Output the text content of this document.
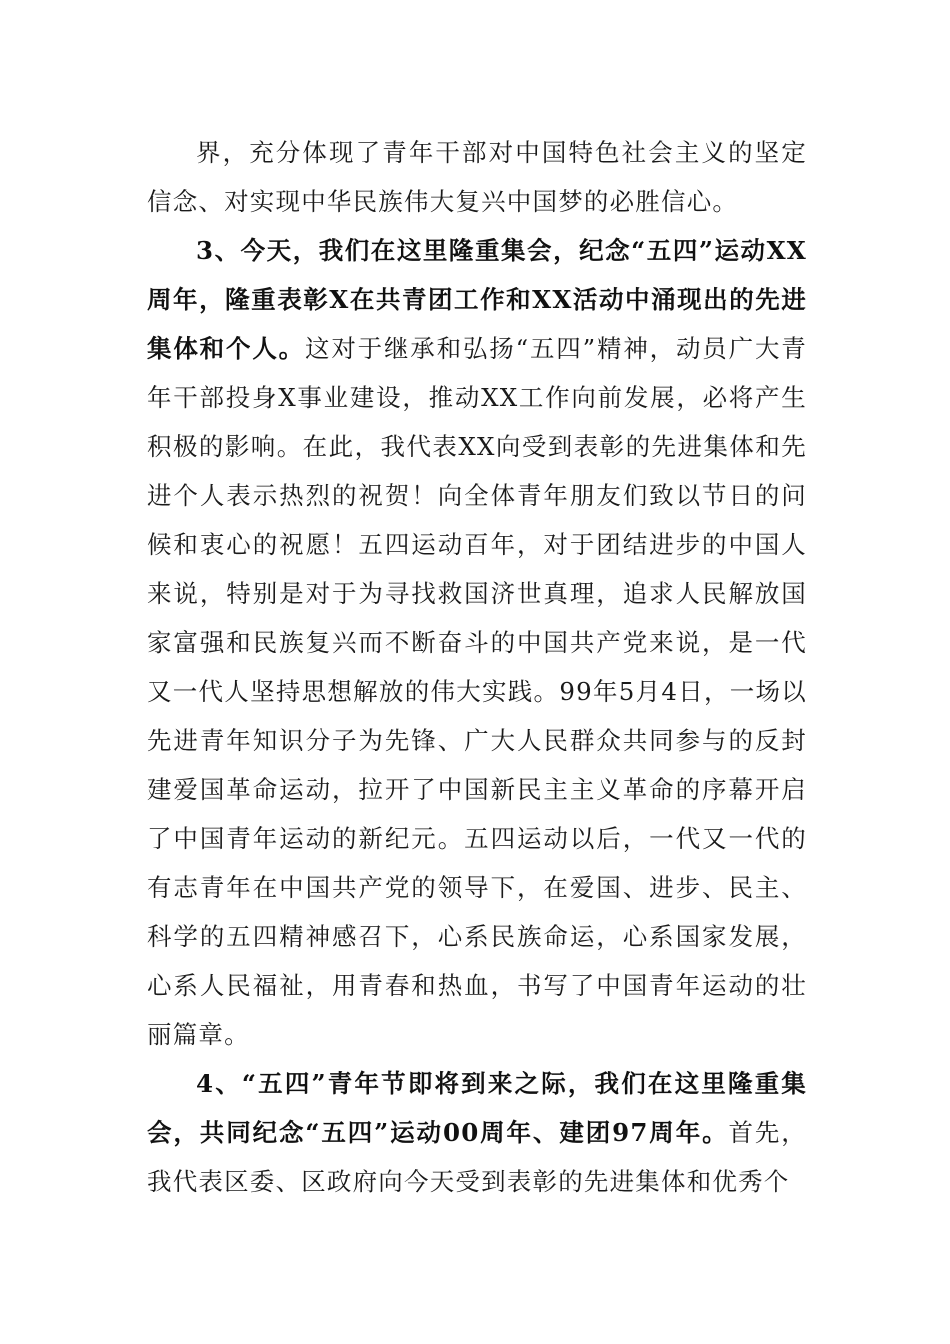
界，充分体现了青年干部对中国特色社会主义的坚定信念、对实现中华民族伟大复兴中国梦的必胜信心。

3、今天，我们在这里隆重集会，纪念“五四”运动XX周年，隆重表彰X在共青团工作和XX活动中涌现出的先进集体和个人。这对于继承和弘扬“五四”精神，动员广大青年干部投身X事业建设，推动XX工作向前发展，必将产生积极的影响。在此，我代表XX向受到表彰的先进集体和先进个人表示热烈的祝贺！向全体青年朋友们致以节日的问候和衷心的祝愿！五四运动百年，对于团结进步的中国人来说，特别是对于为寻找救国济世真理，追求人民解放国家富强和民族复兴而不断奋斗的中国共产党来说，是一代又一代人坚持思想解放的伟大实践。99年5月4日，一场以先进青年知识分子为先锋、广大人民群众共同参与的反封建爱国革命运动，拉开了中国新民主主义革命的序幕开启了中国青年运动的新纪元。五四运动以后，一代又一代的有志青年在中国共产党的领导下，在爱国、进步、民主、科学的五四精神感召下，心系民族命运，心系国家发展，心系人民福祉，用青春和热血，书写了中国青年运动的壮丽篇章。

4、“五四”青年节即将到来之际，我们在这里隆重集会，共同纪念“五四”运动00周年、建团97周年。首先，我代表区委、区政府向今天受到表彰的先进集体和优秀个
